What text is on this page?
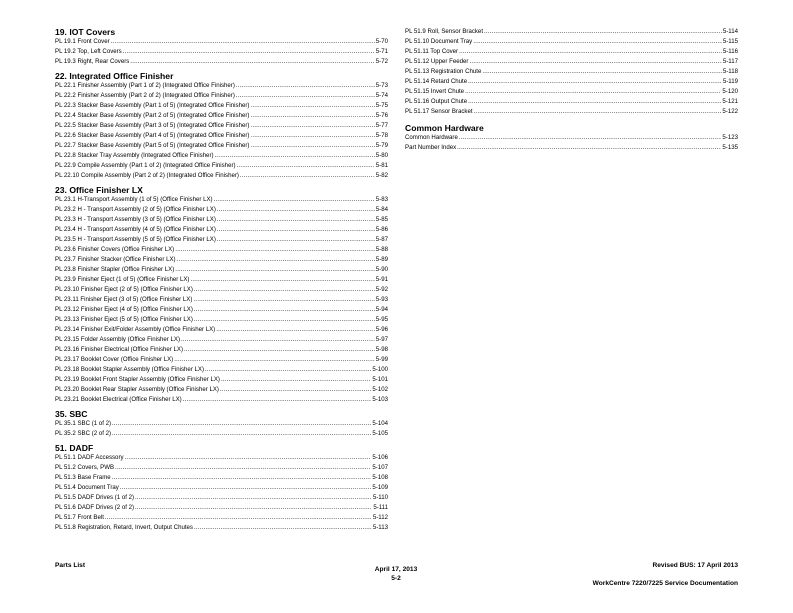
19. IOT Covers
PL 19.1 Front Cover .....	5-70
PL 19.2 Top, Left Covers .....	5-71
PL 19.3 Right, Rear Covers .....	5-72
22. Integrated Office Finisher
PL 22.1 Finisher Assembly (Part 1 of 2) (Integrated Office Finisher) .....	5-73
PL 22.2 Finisher Assembly (Part 2 of 2) (Integrated Office Finisher) .....	5-74
PL 22.3 Stacker Base Assembly (Part 1 of 5) (Integrated Office Finisher) .....	5-75
PL 22.4 Stacker Base Assembly (Part 2 of 5) (Integrated Office Finisher) .....	5-76
PL 22.5 Stacker Base Assembly (Part 3 of 5) (Integrated Office Finisher) .....	5-77
PL 22.6 Stacker Base Assembly (Part 4 of 5) (Integrated Office Finisher) .....	5-78
PL 22.7 Stacker Base Assembly (Part 5 of 5) (Integrated Office Finisher) .....	5-79
PL 22.8 Stacker Tray Assembly (Integrated Office Finisher) .....	5-80
PL 22.9 Compile Assembly (Part 1 of 2) (Integrated Office Finisher) .....	5-81
PL 22.10 Compile Assembly (Part 2 of 2) (Integrated Office Finisher) .....	5-82
23. Office Finisher LX
PL 23.1 H-Transport Assembly (1 of 5) (Office Finisher LX) .....	5-83
PL 23.2 H - Transport Assembly (2 of 5) (Office Finisher LX) .....	5-84
PL 23.3 H - Transport Assembly (3 of 5) (Office Finisher LX) .....	5-85
PL 23.4 H - Transport Assembly (4 of 5) (Office Finisher LX) .....	5-86
PL 23.5 H - Transport Assembly (5 of 5) (Office Finisher LX) .....	5-87
PL 23.6 Finisher Covers (Office Finisher LX) .....	5-88
PL 23.7 Finisher Stacker (Office Finisher LX) .....	5-89
PL 23.8 Finisher Stapler (Office Finisher LX) .....	5-90
PL 23.9 Finisher Eject (1 of 5) (Office Finisher LX) .....	5-91
PL 23.10 Finisher Eject (2 of 5) (Office Finisher LX) .....	5-92
PL 23.11 Finisher Eject (3 of 5) (Office Finisher LX) .....	5-93
PL 23.12 Finisher Eject (4 of 5) (Office Finisher LX) .....	5-94
PL 23.13 Finisher Eject (5 of 5) (Office Finisher LX) .....	5-95
PL 23.14 Finisher Exit/Folder Assembly (Office Finisher LX) .....	5-96
PL 23.15 Folder Assembly (Office Finisher LX) .....	5-97
PL 23.16 Finisher Electrical (Office Finisher LX) .....	5-98
PL 23.17 Booklet Cover (Office Finisher LX) .....	5-99
PL 23.18 Booklet Stapler Assembly (Office Finisher LX) .....	5-100
PL 23.19 Booklet Front Stapler Assembly (Office Finisher LX) .....	5-101
PL 23.20 Booklet Rear Stapler Assembly (Office Finisher LX) .....	5-102
PL 23.21 Booklet Electrical (Office Finisher LX) .....	5-103
35. SBC
PL 35.1 SBC (1 of 2) .....	5-104
PL 35.2 SBC (2 of 2) .....	5-105
51. DADF
PL 51.1 DADF Accessory .....	5-106
PL 51.2 Covers, PWB .....	5-107
PL 51.3 Base Frame .....	5-108
PL 51.4 Document Tray .....	5-109
PL 51.5 DADF Drives (1 of 2) .....	5-110
PL 51.6 DADF Drives (2 of 2) .....	5-111
PL 51.7 Front Belt .....	5-112
PL 51.8 Registration, Retard, Invert, Output Chutes .....	5-113
PL 51.9 Roll, Sensor Bracket .....	5-114
PL 51.10 Document Tray .....	5-115
PL 51.11 Top Cover .....	5-116
PL 51.12 Upper Feeder .....	5-117
PL 51.13 Registration Chute .....	5-118
PL 51.14 Retard Chute .....	5-119
PL 51.15 Invert Chute .....	5-120
PL 51.16 Output Chute .....	5-121
PL 51.17 Sensor Bracket .....	5-122
Common Hardware
Common Hardware .....	5-123
Part Number Index .....	5-135
Parts List
April 17, 2013
5-2
Revised BUS: 17 April 2013
WorkCentre 7220/7225 Service Documentation
